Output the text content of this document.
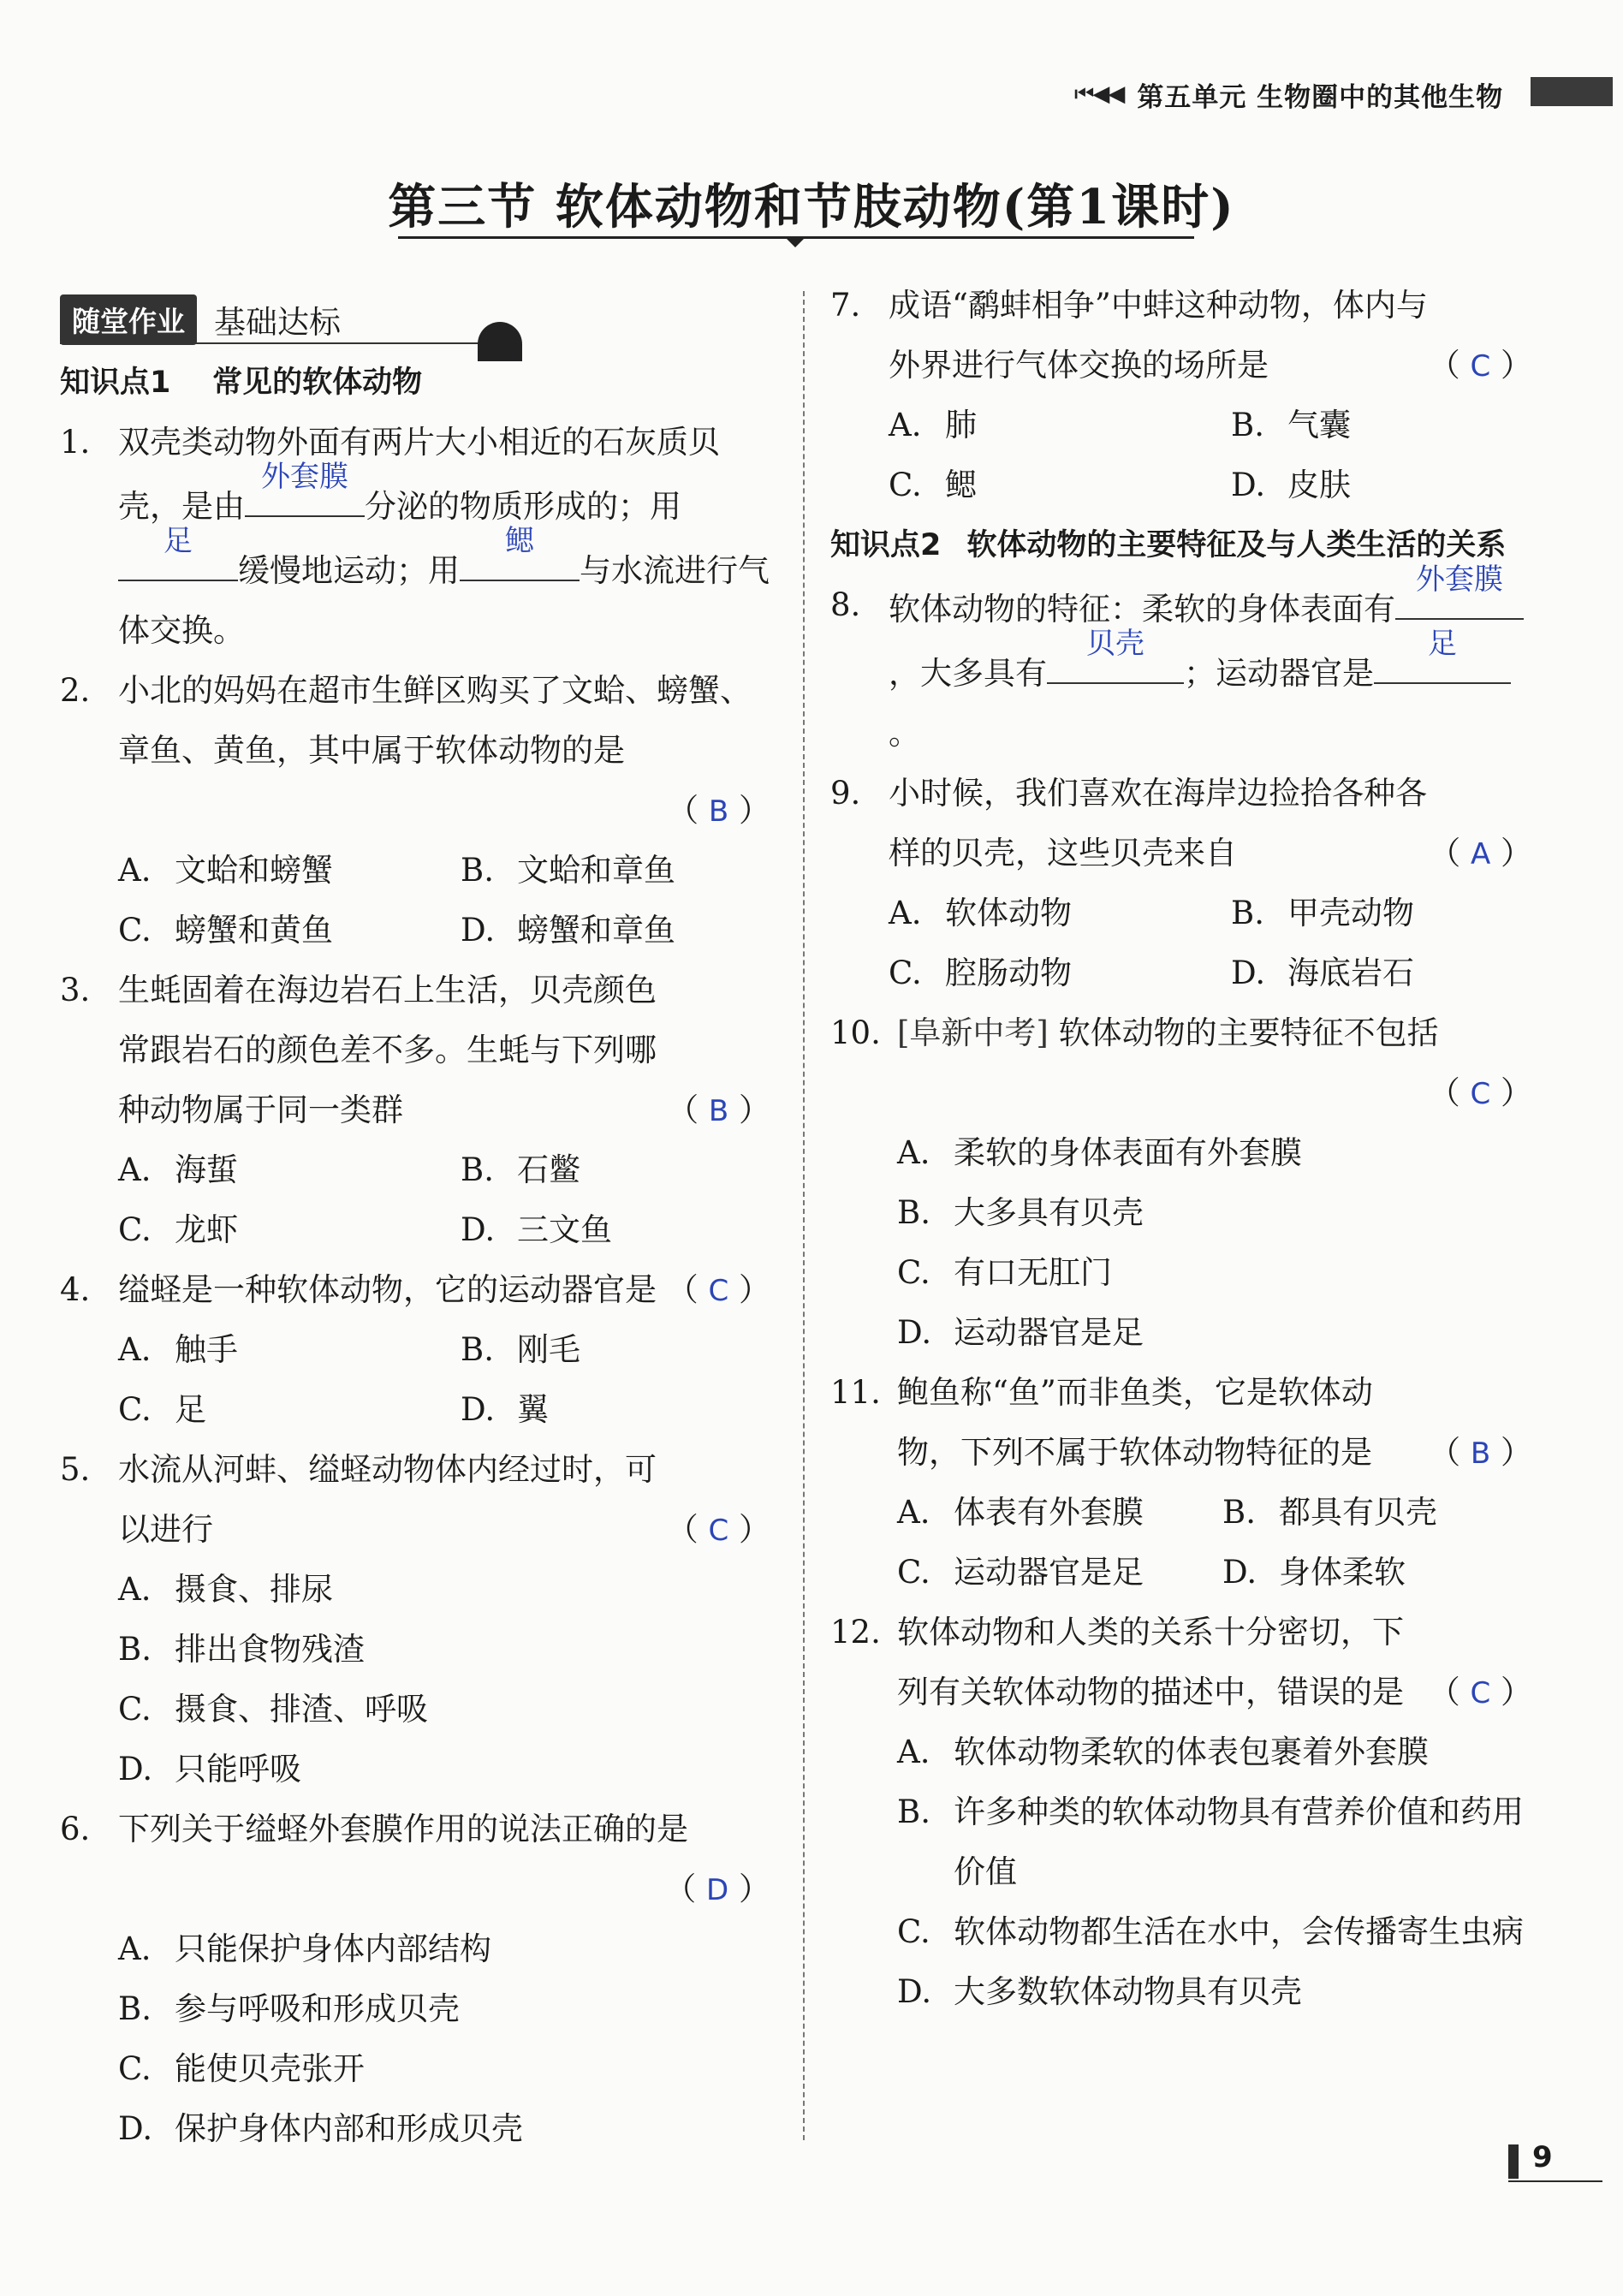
⏮◀◀ 第五单元 生物圈中的其他生物
第三节 软体动物和节肢动物(第1课时)
随堂作业 基础达标
知识点1 常见的软体动物
1. 双壳类动物外面有两片大小相近的石灰质贝壳，是由
外套膜
分泌的物质形成的；用
足
缓慢地运动；用
鳃
与水流进行气体交换。
2. 小北的妈妈在超市生鲜区购买了文蛤、螃蟹、章鱼、黄鱼，其中属于软体动物的是
（ B ）
A. 文蛤和螃蟹	B. 文蛤和章鱼
C. 螃蟹和黄鱼	D. 螃蟹和章鱼
3.
（ B ）
生蚝固着在海边岩石上生活，贝壳颜色常跟岩石的颜色差不多。生蚝与下列哪种动物属于同一类群
A. 海蜇	B. 石鳖
C. 龙虾	D. 三文鱼
4.	（ C ）
缢蛏是一种软体动物，它的运动器官是
A. 触手	B. 刚毛
C. 足	D. 翼
5.
（ C ）
水流从河蚌、缢蛏动物体内经过时，可以进行
A. 摄食、排尿
B. 排出食物残渣
C. 摄食、排渣、呼吸
D. 只能呼吸
6. 下列关于缢蛏外套膜作用的说法正确的是
（ D ）
A. 只能保护身体内部结构
B. 参与呼吸和形成贝壳
C. 能使贝壳张开
D. 保护身体内部和形成贝壳
7.
（ C ）
成语“鹬蚌相争”中蚌这种动物，体内与外界进行气体交换的场所是
A. 肺	B. 气囊
C. 鳃	D. 皮肤
知识点2 软体动物的主要特征及与人类生活的关系
8. 软体动物的特征：柔软的身体表面有
外套膜
，大多具有
贝壳
；运动器官是
足
。
9.
（ A ）
小时候，我们喜欢在海岸边捡拾各种各样的贝壳，这些贝壳来自
A. 软体动物	B. 甲壳动物
C. 腔肠动物	D. 海底岩石
10. [阜新中考] 软体动物的主要特征不包括
（ C ）
A. 柔软的身体表面有外套膜
B. 大多具有贝壳
C. 有口无肛门
D. 运动器官是足
11.
（ B ）
鲍鱼称“鱼”而非鱼类，它是软体动物，下列不属于软体动物特征的是
A. 体表有外套膜	B. 都具有贝壳
C. 运动器官是足	D. 身体柔软
12.
（ C ）
软体动物和人类的关系十分密切，下列有关软体动物的描述中，错误的是
A. 软体动物柔软的体表包裹着外套膜
B. 许多种类的软体动物具有营养价值和药用价值
C. 软体动物都生活在水中，会传播寄生虫病
D. 大多数软体动物具有贝壳
9
